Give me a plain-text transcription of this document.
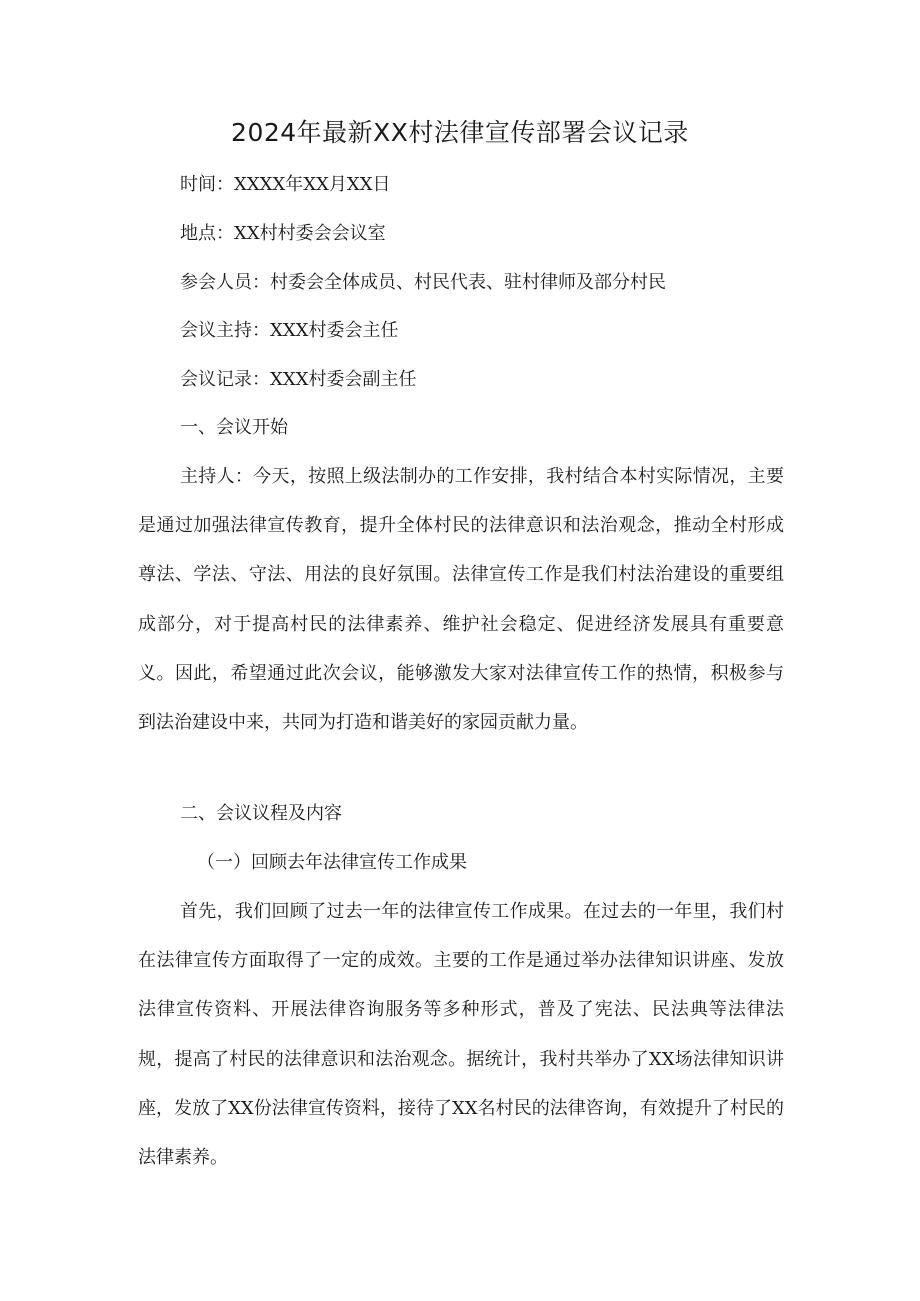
2024年最新XX村法律宣传部署会议记录

时间：XXXX年XX月XX日

地点：XX村村委会会议室

参会人员：村委会全体成员、村民代表、驻村律师及部分村民

会议主持：XXX村委会主任

会议记录：XXX村委会副主任

一、会议开始

主持人：今天，按照上级法制办的工作安排，我村结合本村实际情况，主要是通过加强法律宣传教育，提升全体村民的法律意识和法治观念，推动全村形成尊法、学法、守法、用法的良好氛围。法律宣传工作是我们村法治建设的重要组成部分，对于提高村民的法律素养、维护社会稳定、促进经济发展具有重要意义。因此，希望通过此次会议，能够激发大家对法律宣传工作的热情，积极参与到法治建设中来，共同为打造和谐美好的家园贡献力量。

二、会议议程及内容

（一）回顾去年法律宣传工作成果

首先，我们回顾了过去一年的法律宣传工作成果。在过去的一年里，我们村在法律宣传方面取得了一定的成效。主要的工作是通过举办法律知识讲座、发放法律宣传资料、开展法律咨询服务等多种形式，普及了宪法、民法典等法律法规，提高了村民的法律意识和法治观念。据统计，我村共举办了XX场法律知识讲座，发放了XX份法律宣传资料，接待了XX名村民的法律咨询，有效提升了村民的法律素养。
